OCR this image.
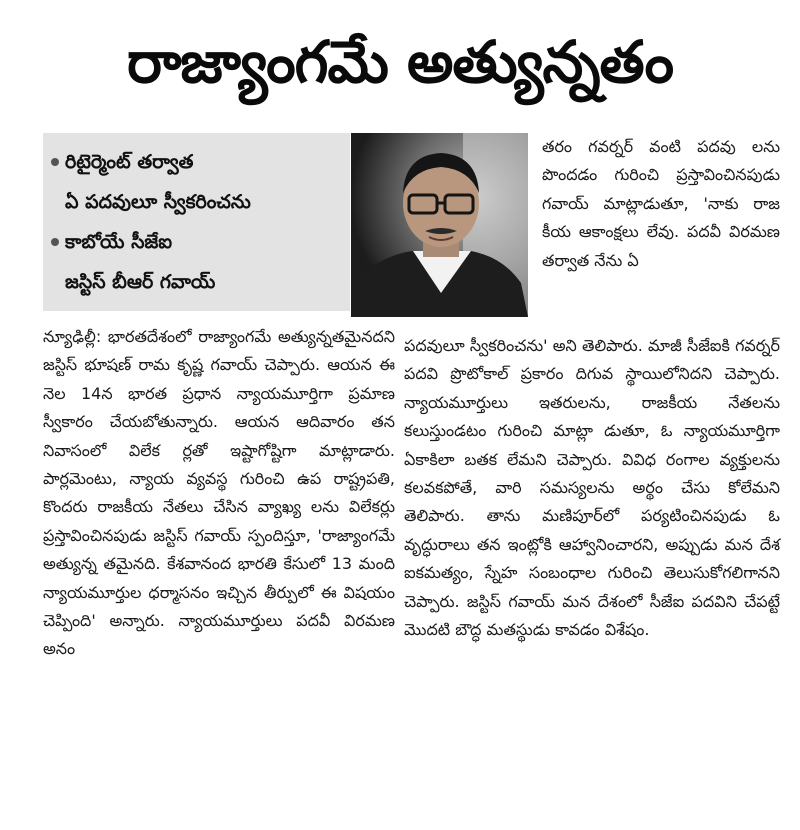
రాజ్యాంగమే అత్యున్నతం
రిటైర్మెంట్ తర్వాత
ఏ పదవులూ స్వీకరించను
కాబోయే సీజేఐ
జస్టిస్ బీఆర్ గవాయ్

న్యూఢిల్లీ: భారతదేశంలో రాజ్యాంగమే అత్యున్నతమైనదని జస్టిస్ భూషణ్ రామ కృష్ణ గవాయ్ చెప్పారు. ఆయన ఈ నెల 14న భారత ప్రధాన న్యాయమూర్తిగా ప్రమాణ స్వీకారం చేయబోతున్నారు. ఆయన ఆదివారం తన నివాసంలో విలేక ర్లతో ఇష్టాగోష్టిగా మాట్లాడారు. పార్లమెంటు, న్యాయ వ్యవస్థ గురించి ఉప రాష్ట్రపతి, కొందరు రాజకీయ నేతలు చేసిన వ్యాఖ్య లను విలేకర్లు ప్రస్తావించినపుడు జస్టిస్ గవాయ్ స్పందిస్తూ, 'రాజ్యాంగమే అత్యున్న తమైనది. కేశవానంద భారతి కేసులో 13 మంది న్యాయమూర్తుల ధర్మాసనం ఇచ్చిన తీర్పులో ఈ విషయం చెప్పింది' అన్నారు. న్యాయమూర్తులు పదవీ విరమణ అనం

తరం గవర్నర్ వంటి పదవు లను పొందడం గురించి ప్రస్తావించినపుడు గవాయ్ మాట్లాడుతూ, 'నాకు రాజ కీయ ఆకాంక్షలు లేవు. పదవీ విరమణ తర్వాత నేను ఏ

పదవులూ స్వీకరించను' అని తెలిపారు. మాజీ సీజేఐకి గవర్నర్ పదవి ప్రొటోకాల్ ప్రకారం దిగువ స్థాయిలోనిదని చెప్పారు. న్యాయమూర్తులు ఇతరులను, రాజకీయ నేతలను కలుస్తుండటం గురించి మాట్లా డుతూ, ఓ న్యాయమూర్తిగా ఏకాకిలా బతక లేమని చెప్పారు. వివిధ రంగాల వ్యక్తులను కలవకపోతే, వారి సమస్యలను అర్థం చేసు కోలేమని తెలిపారు. తాను మణిపూర్‌లో పర్యటించినపుడు ఓ వృద్ధురాలు తన ఇంట్లోకి ఆహ్వానించారని, అప్పుడు మన దేశ ఐకమత్యం, స్నేహ సంబంధాల గురించి తెలుసుకోగలిగానని చెప్పారు. జస్టిస్ గవాయ్ మన దేశంలో సీజేఐ పదవిని చేపట్టే మొదటి బౌద్ధ మతస్థుడు కావడం విశేషం.
